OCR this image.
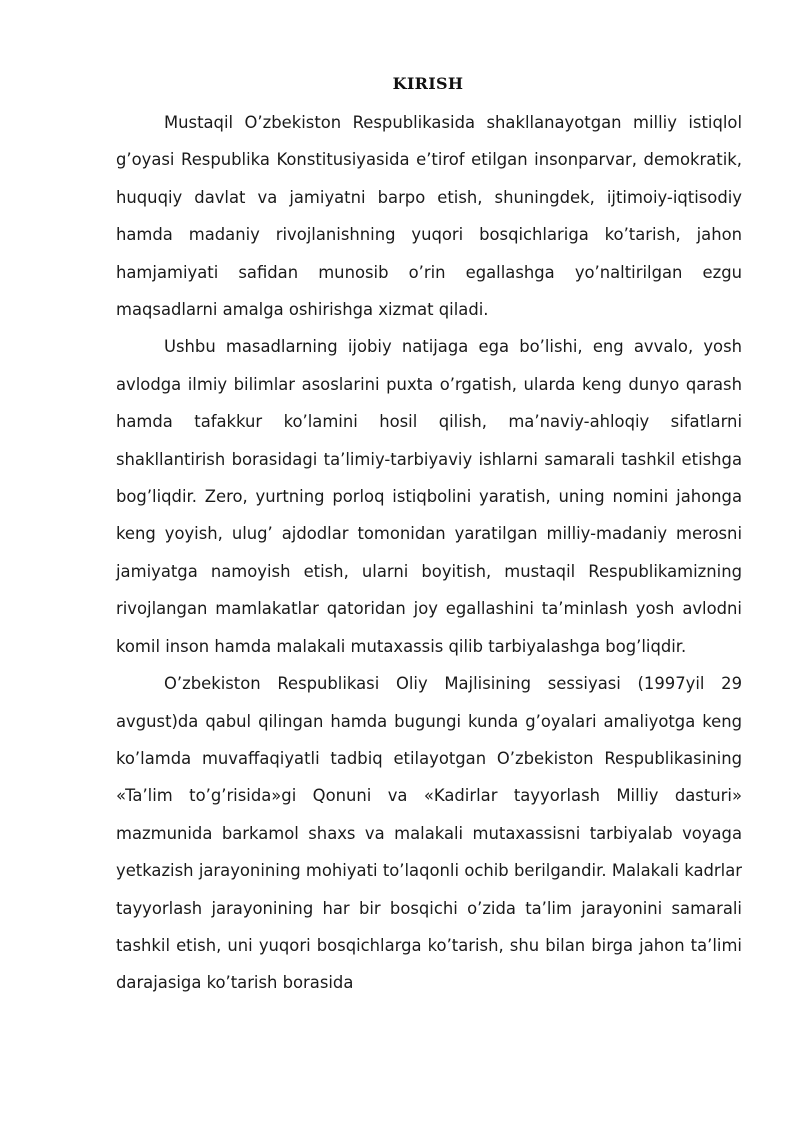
KIRISH

Mustaqil O’zbekiston Respublikasida shakllanayotgan milliy istiqlol g’oyasi Respublika Konstitusiyasida e’tirof etilgan insonparvar, demokratik, huquqiy davlat va jamiyatni barpo etish, shuningdek, ijtimoiy-iqtisodiy hamda madaniy rivojlanishning yuqori bosqichlariga ko’tarish, jahon hamjamiyati safidan munosib o’rin egallashga yo’naltirilgan ezgu maqsadlarni amalga oshirishga xizmat qiladi.

Ushbu masadlarning ijobiy natijaga ega bo’lishi, eng avvalo, yosh avlodga ilmiy bilimlar asoslarini puxta o’rgatish, ularda keng dunyo qarash hamda tafakkur ko’lamini hosil qilish, ma’naviy-ahloqiy sifatlarni shakllantirish borasidagi ta’limiy-tarbiyaviy ishlarni samarali tashkil etishga bog’liqdir. Zero, yurtning porloq istiqbolini yaratish, uning nomini jahonga keng yoyish, ulug’ ajdodlar tomonidan yaratilgan milliy-madaniy merosni jamiyatga namoyish etish, ularni boyitish, mustaqil Respublikamizning rivojlangan mamlakatlar qatoridan joy egallashini ta’minlash yosh avlodni komil inson hamda malakali mutaxassis qilib tarbiyalashga bog’liqdir.

O’zbekiston Respublikasi Oliy Majlisining sessiyasi (1997yil 29 avgust)da qabul qilingan hamda bugungi kunda g’oyalari amaliyotga keng ko’lamda muvaffaqiyatli tadbiq etilayotgan O’zbekiston Respublikasining «Ta’lim to’g’risida»gi Qonuni va «Kadirlar tayyorlash Milliy dasturi» mazmunida barkamol shaxs va malakali mutaxassisni tarbiyalab voyaga yetkazish jarayonining mohiyati to’laqonli ochib berilgandir. Malakali kadrlar tayyorlash jarayonining har bir bosqichi o’zida ta’lim jarayonini samarali tashkil etish, uni yuqori bosqichlarga ko’tarish, shu bilan birga jahon ta’limi darajasiga ko’tarish borasida
